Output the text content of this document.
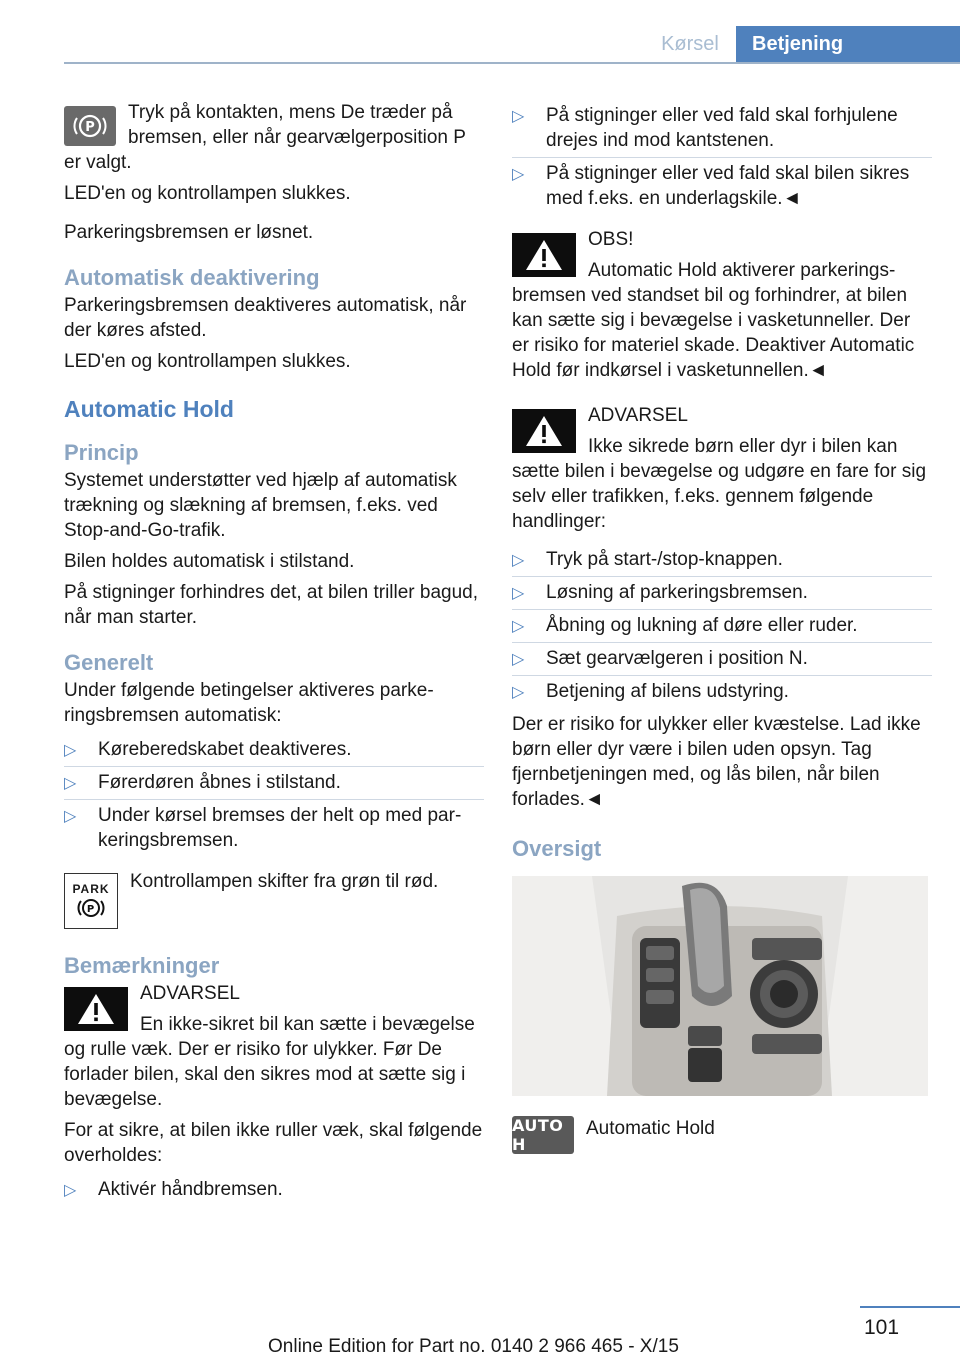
Kørsel	Betjening
P

Tryk på kontakten, mens De træder på bremsen, eller når gearvælgerposition P er valgt.

LED'en og kontrollampen slukkes.

Parkeringsbremsen er løsnet.

Automatisk deaktivering

Parkeringsbremsen deaktiveres automatisk, når der køres afsted.

LED'en og kontrollampen slukkes.

Automatic Hold
Princip

Systemet understøtter ved hjælp af automatisk trækning og slækning af bremsen, f.eks. ved Stop-and-Go-trafik.

Bilen holdes automatisk i stilstand.

På stigninger forhindres det, at bilen triller bagud, når man starter.

Generelt

Under følgende betingelser aktiveres parkeringsbremsen automatisk:

▷ Køreberedskabet deaktiveres.
▷ Førerdøren åbnes i stilstand.
▷ Under kørsel bremses der helt op med parkeringsbremsen.
PARK
P

Kontrollampen skifter fra grøn til rød.

Bemærkninger

ADVARSEL

En ikke-sikret bil kan sætte i bevægelse og rulle væk. Der er risiko for ulykker. Før De forlader bilen, skal den sikres mod at sætte sig i bevægelse.

For at sikre, at bilen ikke ruller væk, skal følgende overholdes:

▷ Aktivér håndbremsen.
▷ På stigninger eller ved fald skal forhjulene drejes ind mod kantstenen.
▷ På stigninger eller ved fald skal bilen sikres med f.eks. en underlagskile.◄

OBS!

Automatic Hold aktiverer parkeringsbremsen ved standset bil og forhindrer, at bilen kan sætte sig i bevægelse i vasketunneller. Der er risiko for materiel skade. Deaktiver Automatic Hold før indkørsel i vasketunnellen.◄

ADVARSEL

Ikke sikrede børn eller dyr i bilen kan sætte bilen i bevægelse og udgøre en fare for sig selv eller trafikken, f.eks. gennem følgende handlinger:

▷ Tryk på start-/stop-knappen.
▷ Løsning af parkeringsbremsen.
▷ Åbning og lukning af døre eller ruder.
▷ Sæt gearvælgeren i position N.
▷ Betjening af bilens udstyring.

Der er risiko for ulykker eller kvæstelse. Lad ikke børn eller dyr være i bilen uden opsyn. Tag fjernbetjeningen med, og lås bilen, når bilen forlades.◄

Oversigt
AUTO H

Automatic Hold

101
Online Edition for Part no. 0140 2 966 465 - X/15
